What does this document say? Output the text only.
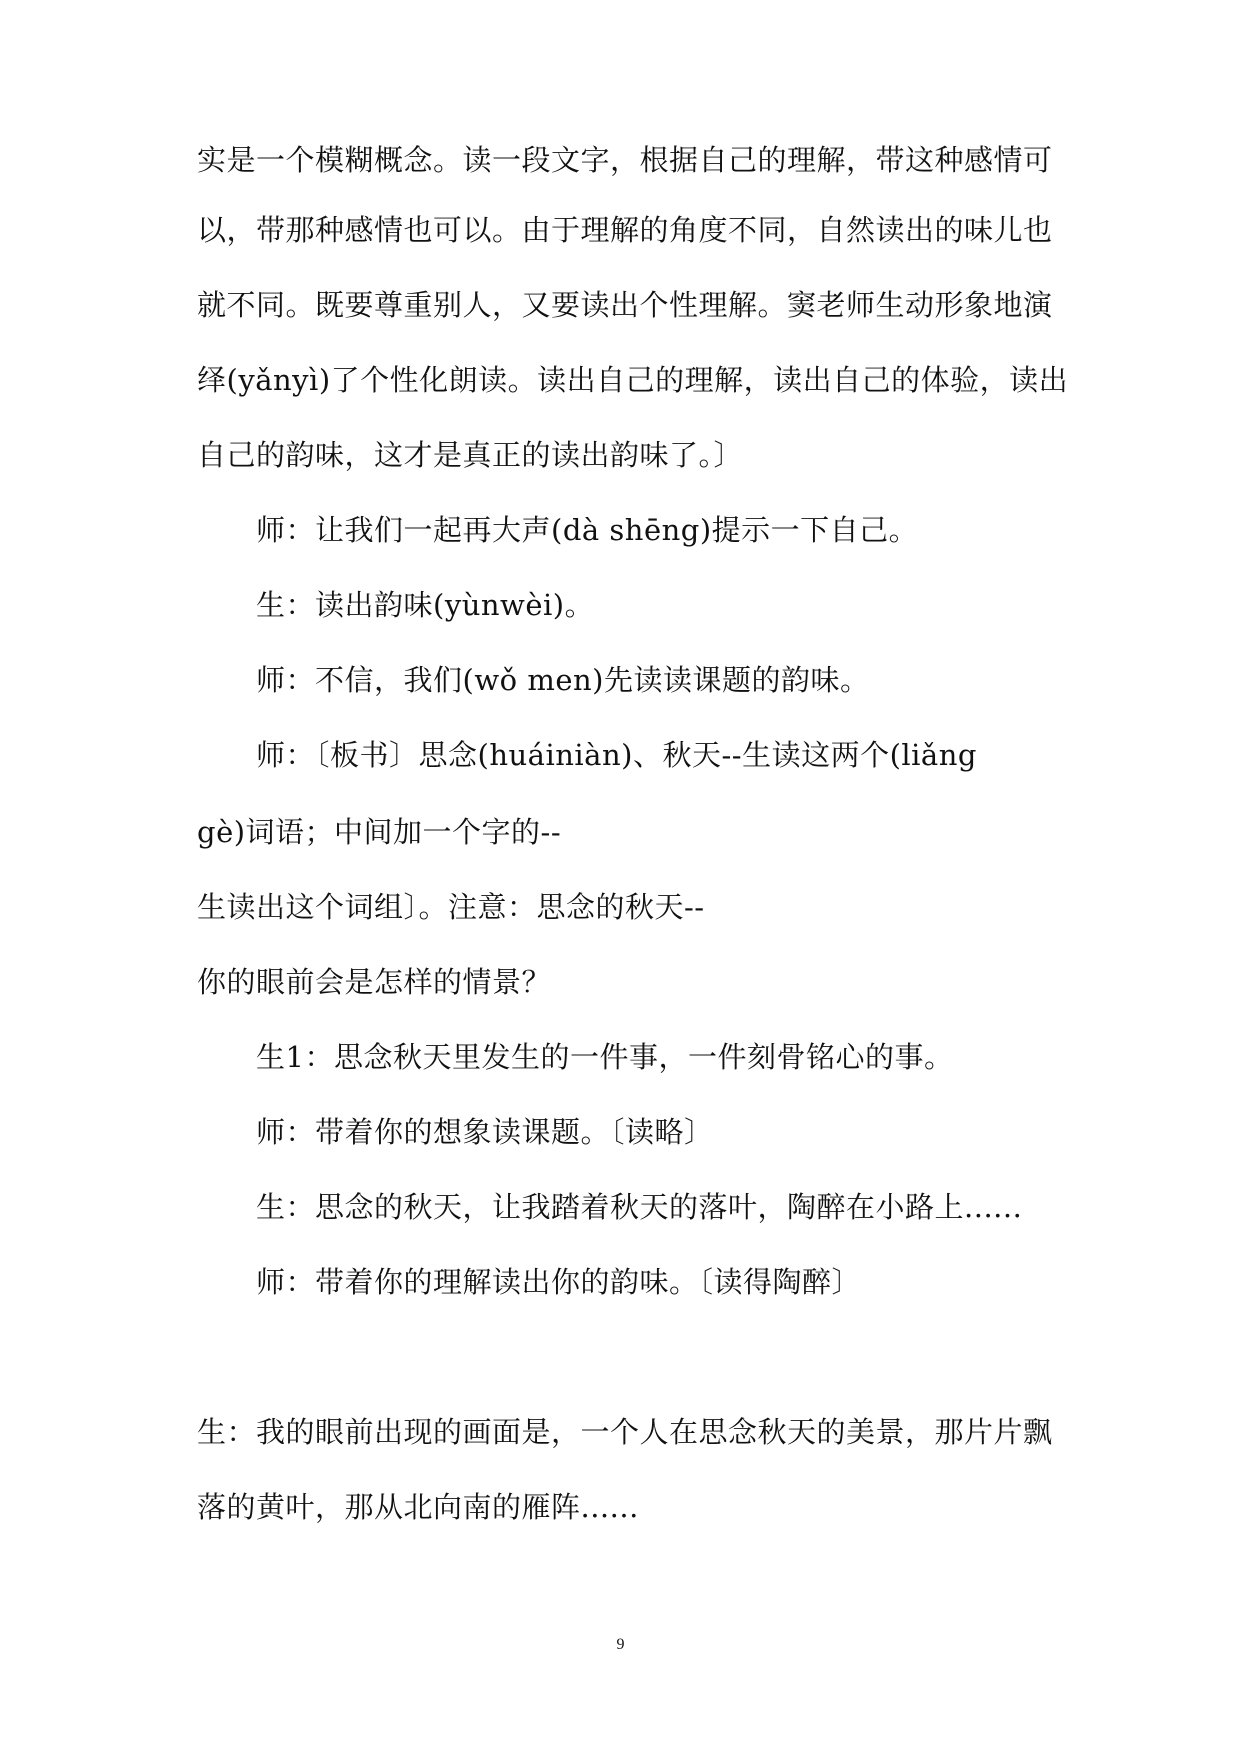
实是一个模糊概念。读一段文字，根据自己的理解，带这种感情可
以，带那种感情也可以。由于理解的角度不同，自然读出的味儿也
就不同。既要尊重别人，又要读出个性理解。窦老师生动形象地演
绎(yǎnyì)了个性化朗读。读出自己的理解，读出自己的体验，读出
自己的韵味，这才是真正的读出韵味了。〕
师：让我们一起再大声(dà shēng)提示一下自己。
生：读出韵味(yùnwèi)。
师：不信，我们(wǒ men)先读读课题的韵味。
师：〔板书〕思念(huáiniàn)、秋天--生读这两个(liǎng
gè)词语；中间加一个字的--
生读出这个词组〕。注意：思念的秋天--
你的眼前会是怎样的情景？
生1：思念秋天里发生的一件事，一件刻骨铭心的事。
师：带着你的想象读课题。〔读略〕
生：思念的秋天，让我踏着秋天的落叶，陶醉在小路上......
师：带着你的理解读出你的韵味。〔读得陶醉〕
生：我的眼前出现的画面是，一个人在思念秋天的美景，那片片飘
落的黄叶，那从北向南的雁阵......
9
